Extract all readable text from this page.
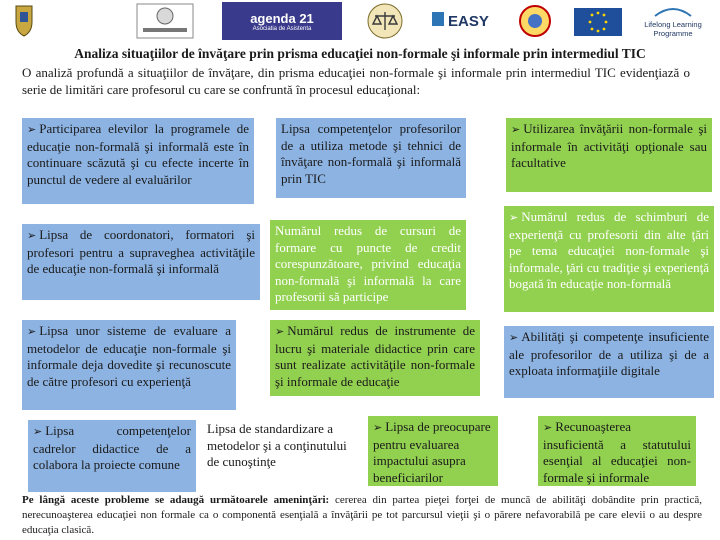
agenda 21
Asociatia de Asistenta	EASY	Lifelong Learning Programme
Analiza situaţiilor de învăţare prin prisma educaţiei non-formale şi informale prin intermediul TIC
O analiză profundă a situaţiilor de învăţare, din prisma educaţiei non-formale şi informale prin intermediul TIC evidenţiază o serie de limitări care profesorul cu care se confruntă în procesul educaţional:
➢ Participarea elevilor la programele de educaţie non-formală şi informală este în continuare scăzută şi cu efecte incerte în punctul de vedere al evaluărilor
Lipsa competenţelor profesorilor de a utiliza metode şi tehnici de învăţare non-formală şi informală prin TIC
➢ Utilizarea învăţării non-formale şi informale în activităţi opţionale sau facultative
➢ Lipsa de coordonatori, formatori şi profesori pentru a supraveghea activităţile de educaţie non-formală şi informală
Numărul redus de cursuri de formare cu puncte de credit corespunzătoare, privind educaţia non-formală şi informală la care profesorii să participe
➢ Numărul redus de schimburi de experienţă cu profesorii din alte ţări pe tema educaţiei non-formale şi informale, ţări cu tradiţie şi experienţă bogată în educaţie non-formală
➢ Lipsa unor sisteme de evaluare a metodelor de educaţie non-formale şi informale deja dovedite şi recunoscute de către profesori cu experienţă
➢ Numărul redus de instrumente de lucru şi materiale didactice prin care sunt realizate activităţile non-formale şi informale de educaţie
➢ Abilităţi şi competenţe insuficiente ale profesorilor de a utiliza şi de a exploata informaţiile digitale
➢ Lipsa competenţelor cadrelor didactice de a colabora la proiecte comune
Lipsa de standardizare a metodelor şi a conţinutului de cunoştinţe
➢ Lipsa de preocupare pentru evaluarea impactului asupra beneficiarilor
➢ Recunoaşterea insuficientă a statutului esenţial al educaţiei non-formale şi informale
Pe lângă aceste probleme se adaugă următoarele ameninţări: cererea din partea pieţei forţei de muncă de abilităţi dobândite prin practică, nerecunoaşterea educaţiei non formale ca o componentă esenţială a învăţării pe tot parcursul vieţii şi o părere nefavorabilă pe care elevii o au despre educaţia clasică.
